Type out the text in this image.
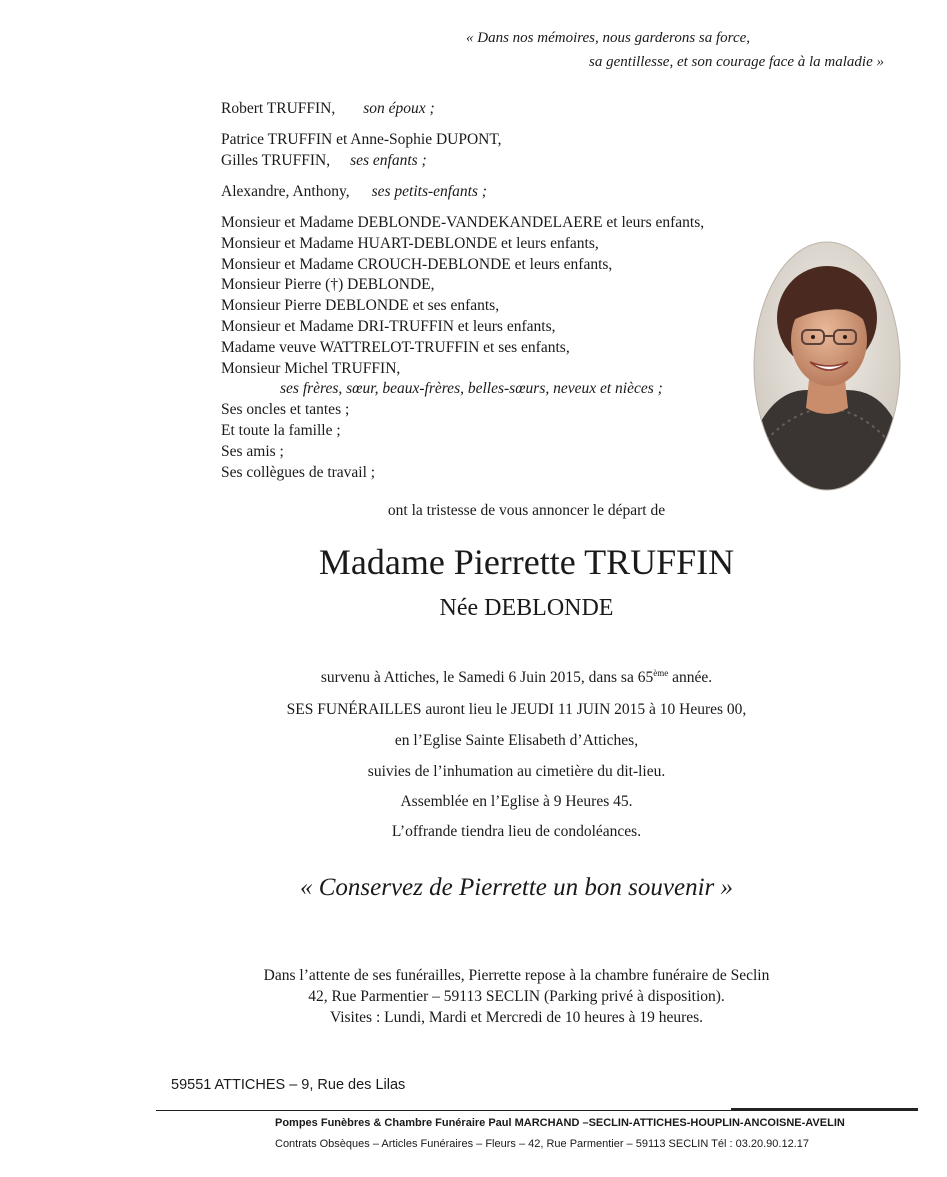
« Dans nos mémoires, nous garderons sa force,
sa gentillesse, et son courage face à la maladie »
Robert TRUFFIN, son époux ;
Patrice TRUFFIN et Anne-Sophie DUPONT,
Gilles TRUFFIN, ses enfants ;
Alexandre, Anthony, ses petits-enfants ;
Monsieur et Madame DEBLONDE-VANDEKANDELAERE et leurs enfants,
Monsieur et Madame HUART-DEBLONDE et leurs enfants,
Monsieur et Madame CROUCH-DEBLONDE et leurs enfants,
Monsieur Pierre (†) DEBLONDE,
Monsieur Pierre DEBLONDE et ses enfants,
Monsieur et Madame DRI-TRUFFIN et leurs enfants,
Madame veuve WATTRELOT-TRUFFIN et ses enfants,
Monsieur Michel TRUFFIN,
ses frères, sœur, beaux-frères, belles-sœurs, neveux et nièces ;
Ses oncles et tantes ;
Et toute la famille ;
Ses amis ;
Ses collègues de travail ;
ont la tristesse de vous annoncer le départ de
Madame Pierrette TRUFFIN
Née DEBLONDE
survenu à Attiches, le Samedi 6 Juin 2015, dans sa 65ème année.
SES FUNÉRAILLES auront lieu le JEUDI 11 JUIN 2015 à 10 Heures 00,
en l’Eglise Sainte Elisabeth d’Attiches,
suivies de l’inhumation au cimetière du dit-lieu.
Assemblée en l’Eglise à 9 Heures 45.
L’offrande tiendra lieu de condoléances.
« Conservez de Pierrette un bon souvenir »
Dans l’attente de ses funérailles, Pierrette repose à la chambre funéraire de Seclin
42, Rue Parmentier – 59113 SECLIN (Parking privé à disposition).
Visites : Lundi, Mardi et Mercredi de 10 heures à 19 heures.
59551 ATTICHES – 9, Rue des Lilas
Pompes Funèbres & Chambre Funéraire Paul MARCHAND –SECLIN-ATTICHES-HOUPLIN-ANCOISNE-AVELIN
Contrats Obsèques – Articles Funéraires – Fleurs – 42, Rue Parmentier – 59113 SECLIN Tél : 03.20.90.12.17
